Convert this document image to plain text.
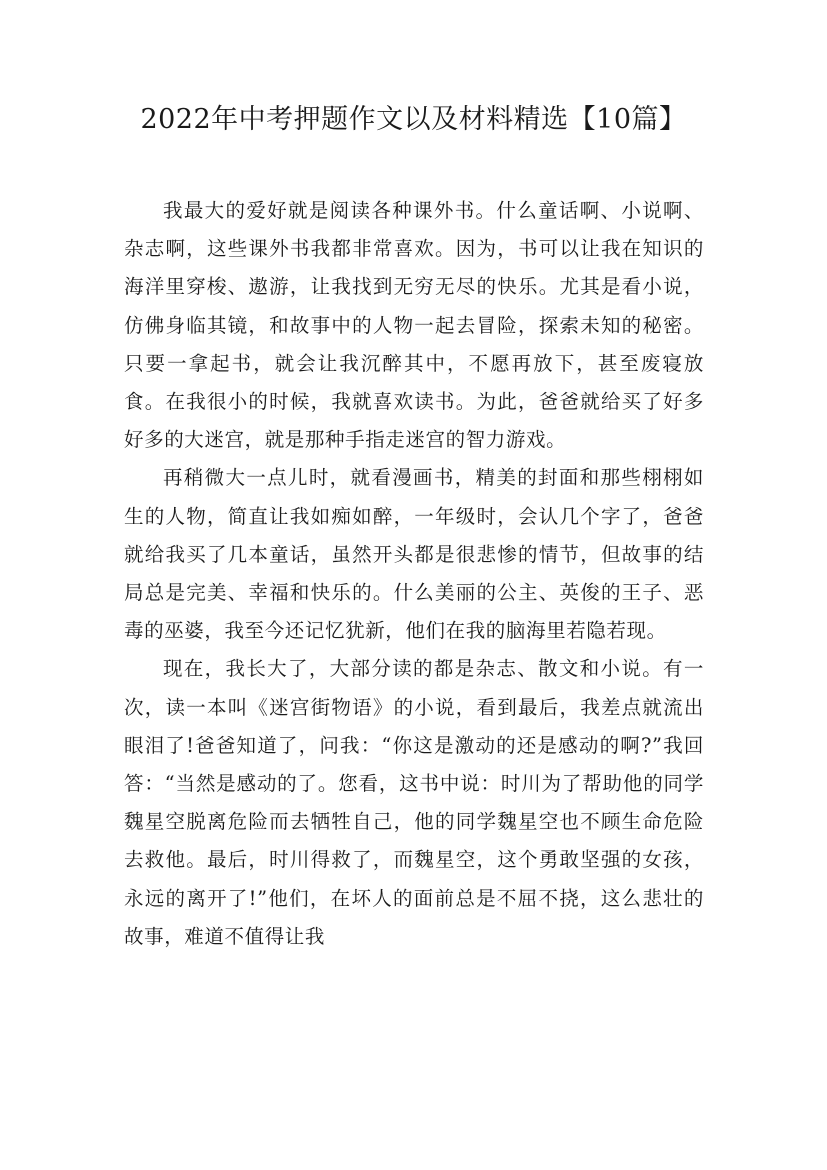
2022年中考押题作文以及材料精选【10篇】

我最大的爱好就是阅读各种课外书。什么童话啊、小说啊、杂志啊，这些课外书我都非常喜欢。因为，书可以让我在知识的海洋里穿梭、遨游，让我找到无穷无尽的快乐。尤其是看小说，仿佛身临其镜，和故事中的人物一起去冒险，探索未知的秘密。只要一拿起书，就会让我沉醉其中，不愿再放下，甚至废寝放食。在我很小的时候，我就喜欢读书。为此，爸爸就给买了好多好多的大迷宫，就是那种手指走迷宫的智力游戏。

再稍微大一点儿时，就看漫画书，精美的封面和那些栩栩如生的人物，简直让我如痴如醉，一年级时，会认几个字了，爸爸就给我买了几本童话，虽然开头都是很悲惨的情节，但故事的结局总是完美、幸福和快乐的。什么美丽的公主、英俊的王子、恶毒的巫婆，我至今还记忆犹新，他们在我的脑海里若隐若现。

现在，我长大了，大部分读的都是杂志、散文和小说。有一次，读一本叫《迷宫街物语》的小说，看到最后，我差点就流出眼泪了!爸爸知道了，问我：“你这是激动的还是感动的啊?”我回答：“当然是感动的了。您看，这书中说：时川为了帮助他的同学魏星空脱离危险而去牺牲自己，他的同学魏星空也不顾生命危险去救他。最后，时川得救了，而魏星空，这个勇敢坚强的女孩，永远的离开了!”他们，在坏人的面前总是不屈不挠，这么悲壮的故事，难道不值得让我
